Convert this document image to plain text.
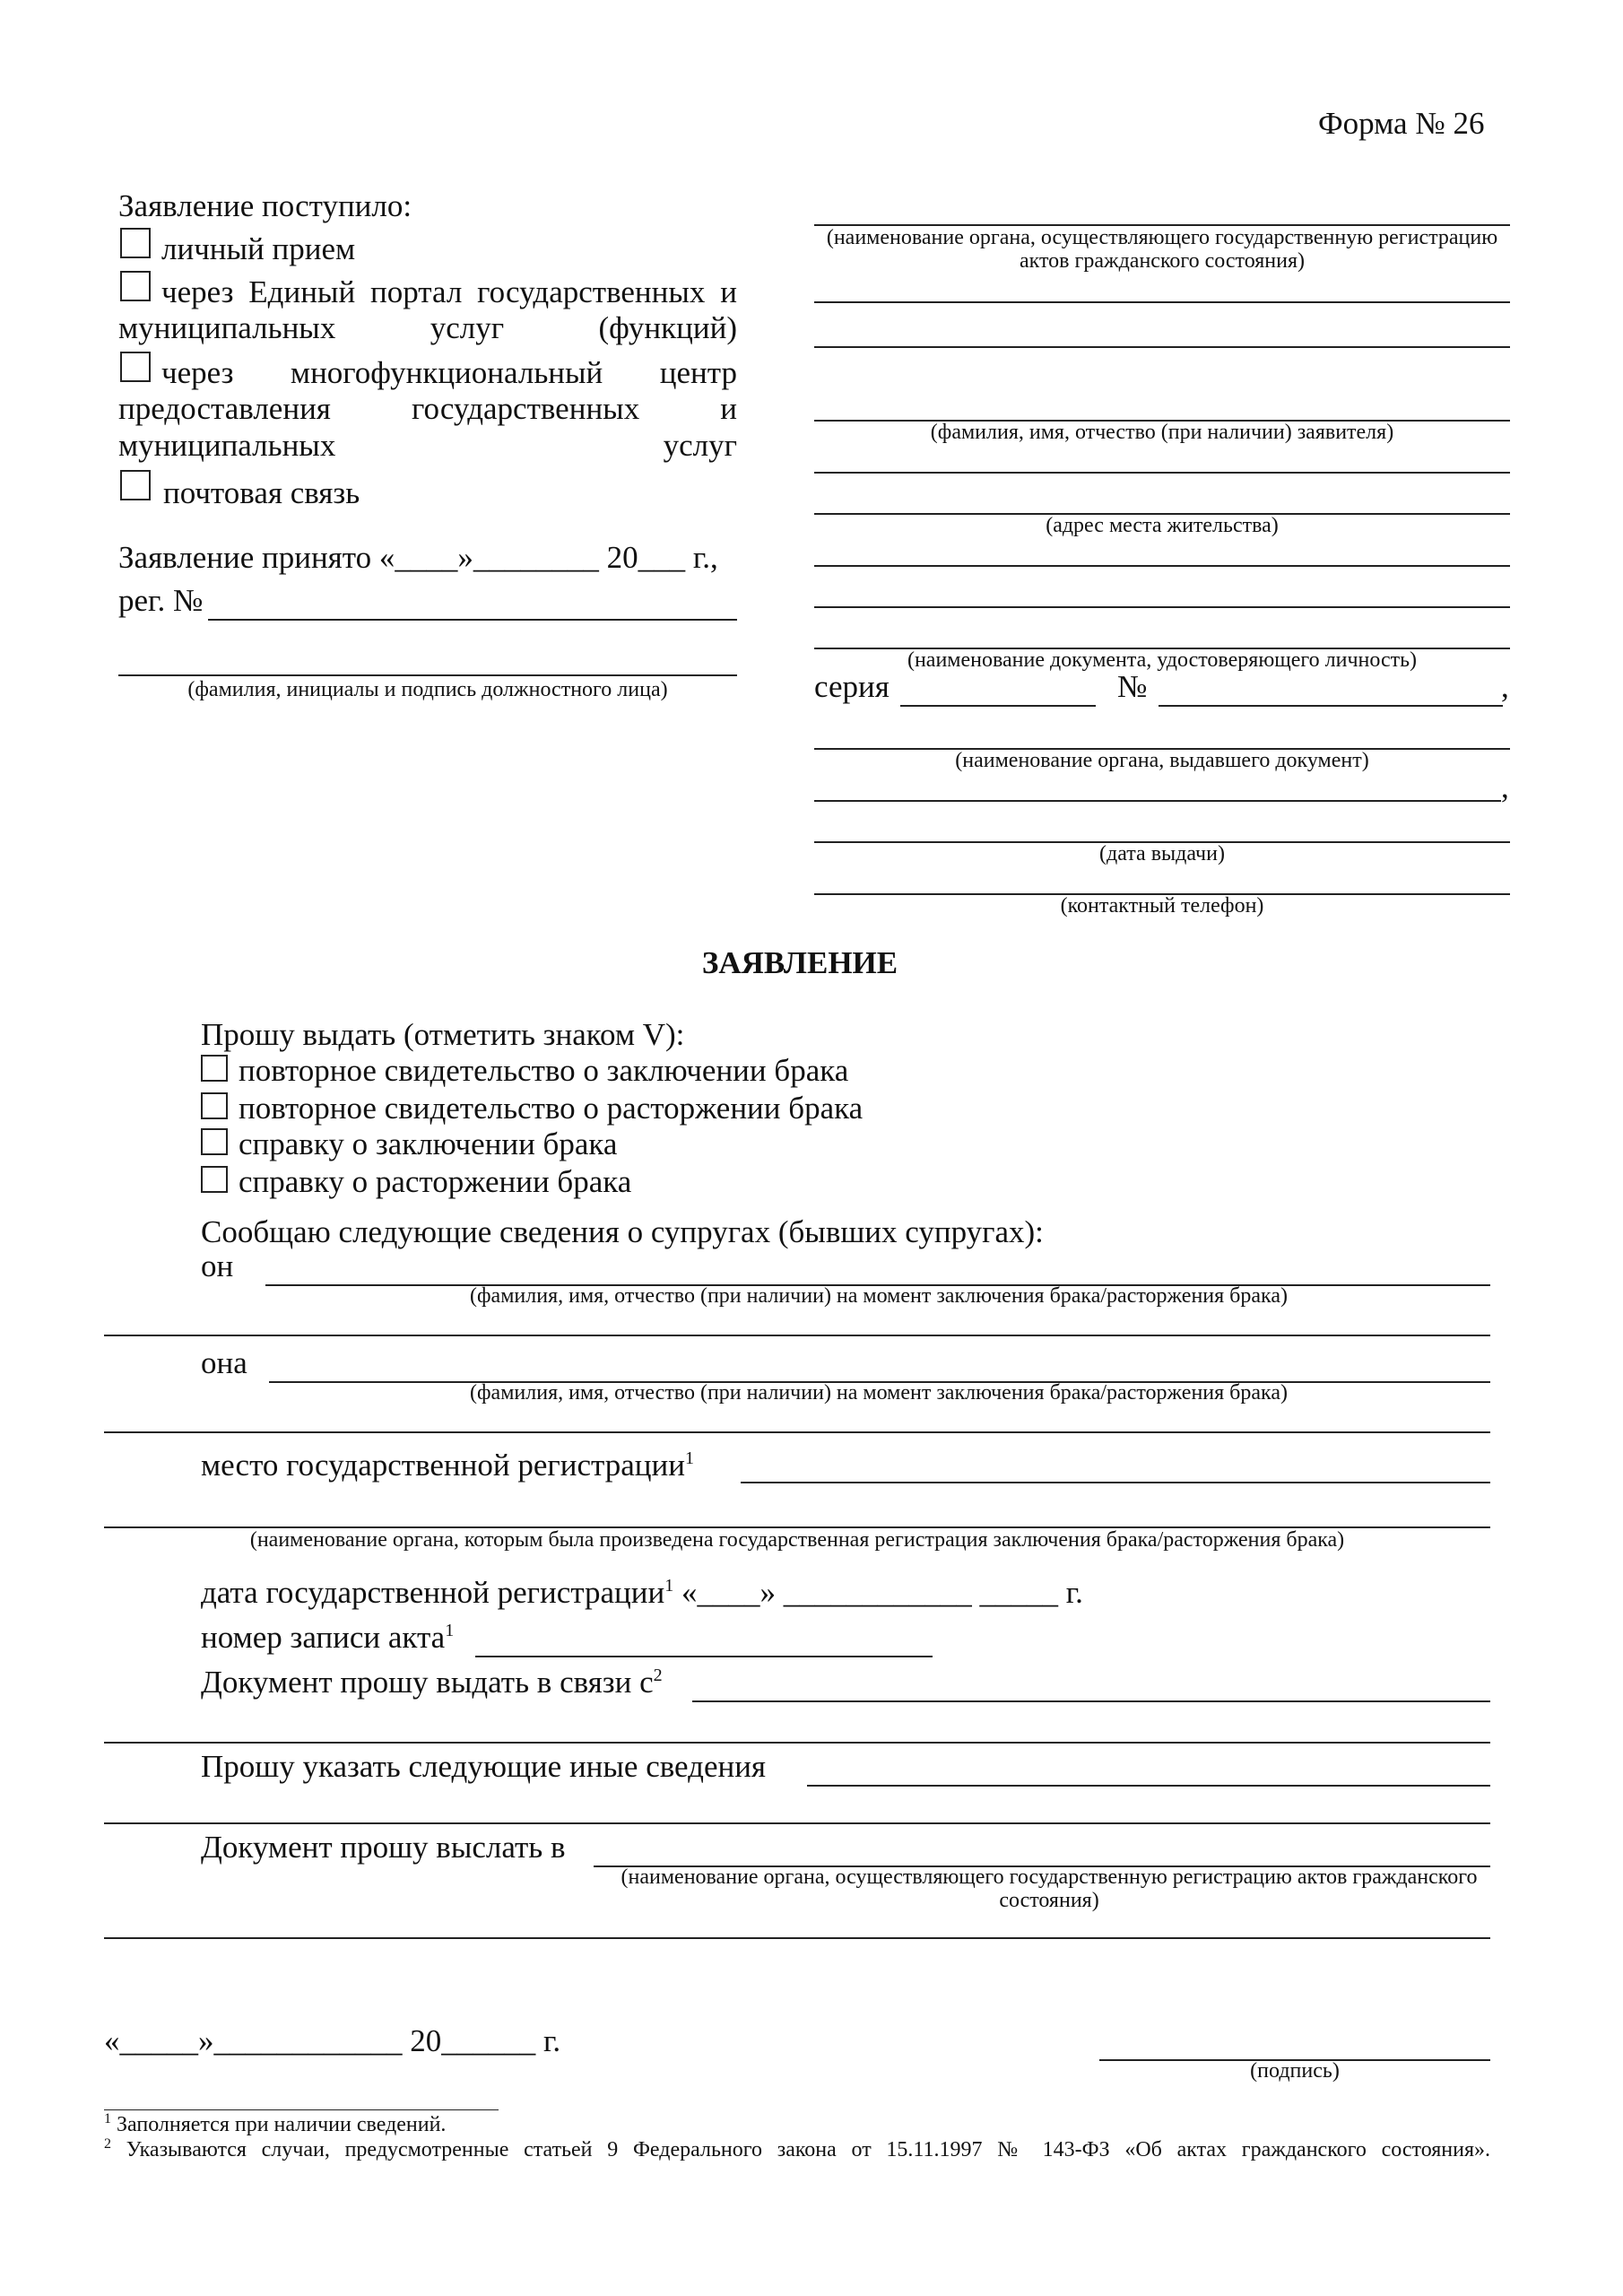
Форма № 26
Заявление поступило:
личный прием
через Единый портал государственных и муниципальных услуг (функций)
через многофункциональный центр предоставления государственных и муниципальных услуг
почтовая связь
Заявление принято «____»________ 20___ г.,
рег. №
(фамилия, инициалы и подпись должностного лица)
(наименование органа, осуществляющего государственную регистрацию актов гражданского состояния)
(фамилия, имя, отчество (при наличии) заявителя)
(адрес места жительства)
(наименование документа, удостоверяющего личность)
серия	№	,
(наименование органа, выдавшего документ)
,
(дата выдачи)
(контактный телефон)
ЗАЯВЛЕНИЕ
Прошу выдать (отметить знаком V):
повторное свидетельство о заключении брака
повторное свидетельство о расторжении брака
справку о заключении брака
справку о расторжении брака
Сообщаю следующие сведения о супругах (бывших супругах):
он
(фамилия, имя, отчество (при наличии) на момент заключения брака/расторжения брака)
она
(фамилия, имя, отчество (при наличии) на момент заключения брака/расторжения брака)
место государственной регистрации$^1$
(наименование органа, которым была произведена государственная регистрация заключения брака/расторжения брака)
дата государственной регистрации$^1$ «____» ____________ _____ г.
номер записи акта$^1$
Документ прошу выдать в связи $с^2$
Прошу указать следующие иные сведения
Документ прошу выслать в
(наименование органа, осуществляющего государственную регистрацию актов гражданского состояния)
«_____»____________ 20______ г.
(подпись)
$^1$ Заполняется при наличии сведений.
$^2$ Указываются случаи, предусмотренные статьей 9 Федерального закона от 15.11.1997 № 143-ФЗ «Об актах гражданского состояния».
